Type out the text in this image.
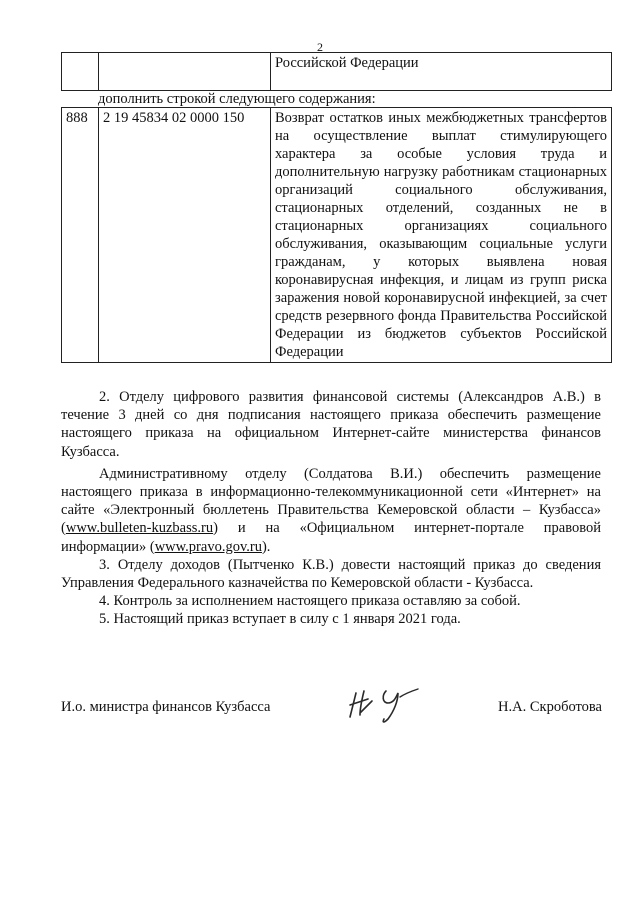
2
		Российской Федерации
дополнить строкой следующего содержания:
888	2 19 45834 02 0000 150	Возврат остатков иных межбюджетных трансфертов на осуществление выплат стимулирующего характера за особые условия труда и дополнительную нагрузку работникам стационарных организаций социального обслуживания, стационарных отделений, созданных не в стационарных организациях социального обслуживания, оказывающим социальные услуги гражданам, у которых выявлена новая коронавирусная инфекция, и лицам из групп риска заражения новой коронавирусной инфекцией, за счет средств резервного фонда Правительства Российской Федерации из бюджетов субъектов Российской Федерации

2. Отделу цифрового развития финансовой системы (Александров А.В.) в течение 3 дней со дня подписания настоящего приказа обеспечить размещение настоящего приказа на официальном Интернет-сайте министерства финансов Кузбасса.

Административному отделу (Солдатова В.И.) обеспечить размещение настоящего приказа в информационно-телекоммуникационной сети «Интернет» на сайте «Электронный бюллетень Правительства Кемеровской области – Кузбасса» (www.bulleten-kuzbass.ru) и на «Официальном интернет-портале правовой информации» (www.pravo.gov.ru).

3. Отделу доходов (Пытченко К.В.) довести настоящий приказ до сведения Управления Федерального казначейства по Кемеровской области - Кузбасса.

4. Контроль за исполнением настоящего приказа оставляю за собой.

5. Настоящий приказ вступает в силу с 1 января 2021 года.

И.о. министра финансов Кузбасса	Н.А. Скроботова
